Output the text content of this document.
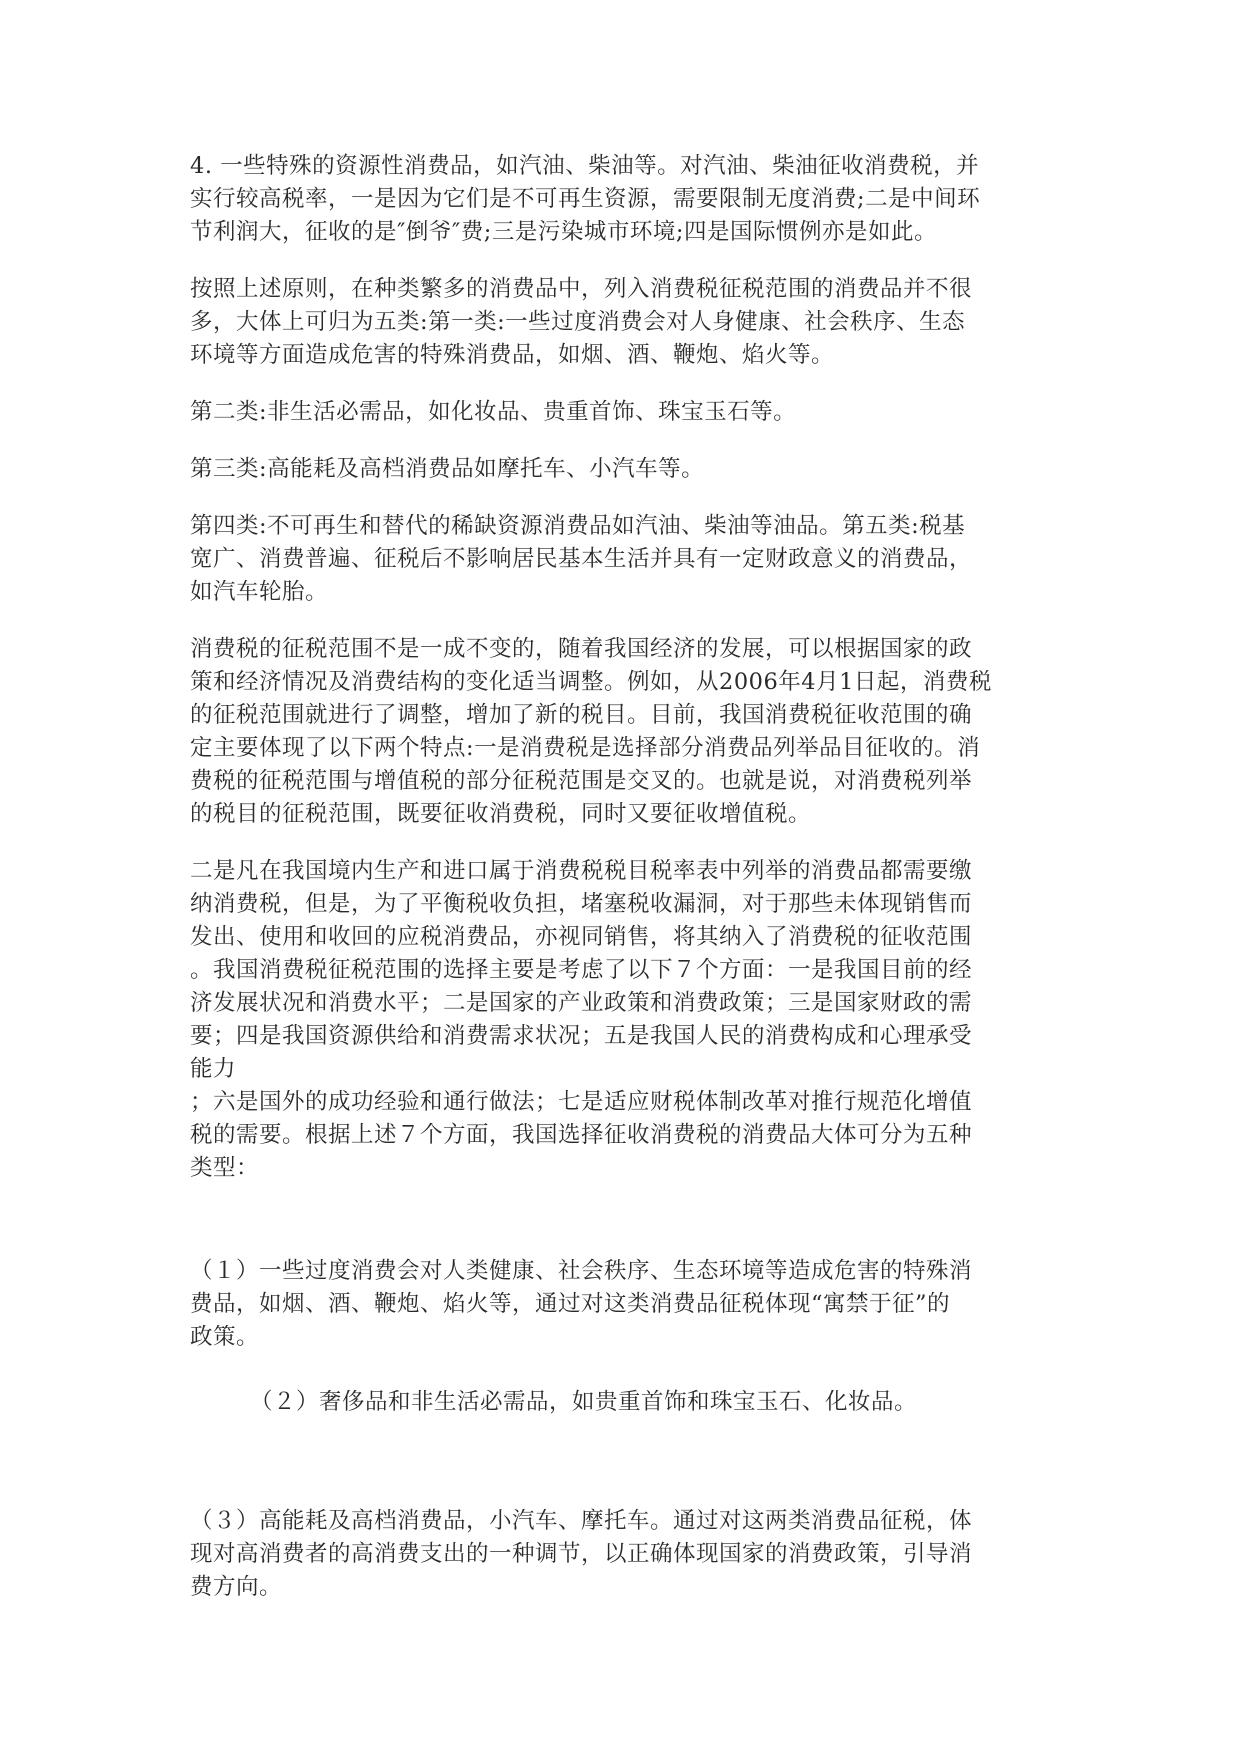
4. 一些特殊的资源性消费品，如汽油、柴油等。对汽油、柴油征收消费税，并
实行较高税率，一是因为它们是不可再生资源，需要限制无度消费;二是中间环
节利润大，征收的是″倒爷″费;三是污染城市环境;四是国际惯例亦是如此。

按照上述原则，在种类繁多的消费品中，列入消费税征税范围的消费品并不很
多，大体上可归为五类:第一类:一些过度消费会对人身健康、社会秩序、生态
环境等方面造成危害的特殊消费品，如烟、酒、鞭炮、焰火等。

第二类:非生活必需品，如化妆品、贵重首饰、珠宝玉石等。

第三类:高能耗及高档消费品如摩托车、小汽车等。

第四类:不可再生和替代的稀缺资源消费品如汽油、柴油等油品。第五类:税基
宽广、消费普遍、征税后不影响居民基本生活并具有一定财政意义的消费品，
如汽车轮胎。

消费税的征税范围不是一成不变的，随着我国经济的发展，可以根据国家的政
策和经济情况及消费结构的变化适当调整。例如，从2006年4月1日起，消费税
的征税范围就进行了调整，增加了新的税目。目前，我国消费税征收范围的确
定主要体现了以下两个特点:一是消费税是选择部分消费品列举品目征收的。消
费税的征税范围与增值税的部分征税范围是交叉的。也就是说，对消费税列举
的税目的征税范围，既要征收消费税，同时又要征收增值税。

二是凡在我国境内生产和进口属于消费税税目税率表中列举的消费品都需要缴
纳消费税，但是，为了平衡税收负担，堵塞税收漏洞，对于那些未体现销售而
发出、使用和收回的应税消费品，亦视同销售，将其纳入了消费税的征收范围
。我国消费税征税范围的选择主要是考虑了以下７个方面：一是我国目前的经
济发展状况和消费水平；二是国家的产业政策和消费政策；三是国家财政的需
要；四是我国资源供给和消费需求状况；五是我国人民的消费构成和心理承受
能力
；六是国外的成功经验和通行做法；七是适应财税体制改革对推行规范化增值
税的需要。根据上述７个方面，我国选择征收消费税的消费品大体可分为五种
类型：

（１）一些过度消费会对人类健康、社会秩序、生态环境等造成危害的特殊消
费品，如烟、酒、鞭炮、焰火等，通过对这类消费品征税体现“寓禁于征”的
政策。

（２）奢侈品和非生活必需品，如贵重首饰和珠宝玉石、化妆品。

（３）高能耗及高档消费品，小汽车、摩托车。通过对这两类消费品征税，体
现对高消费者的高消费支出的一种调节，以正确体现国家的消费政策，引导消
费方向。
